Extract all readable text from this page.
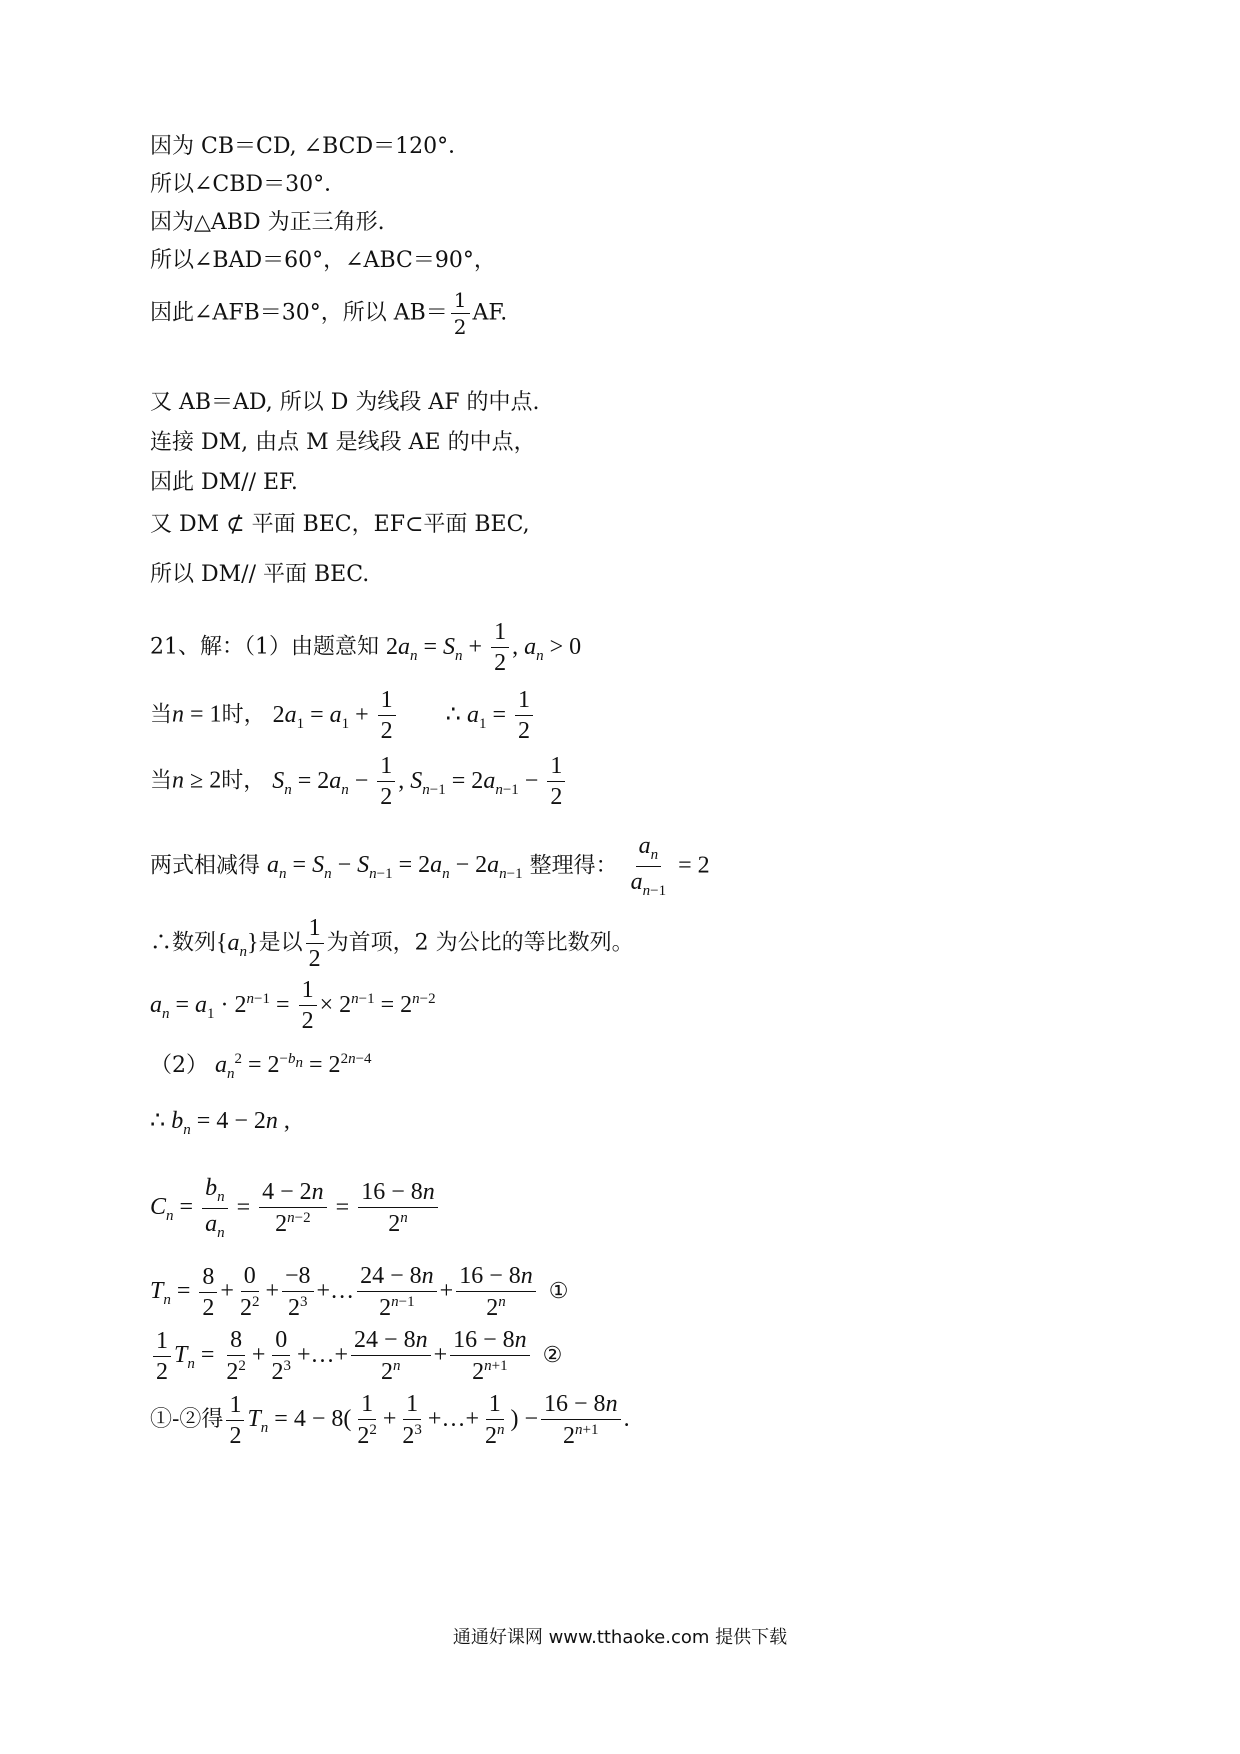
因为 CB＝CD, ∠BCD＝120°．
所以∠CBD＝30°．
因为△ABD 为正三角形.
所以∠BAD＝60°，∠ABC＝90°，
因此∠AFB＝30°，所以 $AB= \frac{1}{2}$ AF.
又 AB＝AD, 所以 D 为线段 AF 的中点.
连接 DM, 由点 M 是线段 AE 的中点，
因此 DM// EF.
又 DM ⊄ 平面 BEC，EF⊂平面 BEC,
所以 DM// 平面 BEC.
21、解：（1）由题意知 $2a_n = S_n + \frac{1}{2}$ , $a_n > 0$
当n = 1时， $2a_1 = a_1 + \frac{1}{2}$ ∴ $a_1 = \frac{1}{2}$
当n ≥ 2时， $S_n = 2a_n - \frac{1}{2}$ , $S_{n-1} = 2a_{n-1} - \frac{1}{2}$
两式相减得 $a_n = S_n - S_{n-1} = 2a_n - 2a_{n-1}$ 整理得： $\frac{a_n}{a_{n-1}} = 2$
∴数列$\{a_n\}$是以 $\frac{1}{2}$ 为首项，2 为公比的等比数列。
$a_n = a_1 \cdot 2^{n-1} = \frac{1}{2} \times 2^{n-1} = 2^{n-2}$
（2） $a_n^2 = 2^{-b_n} = 2^{2n-4}$
∴ $b_n = 4 - 2n$ ,
$C_n = \frac{b_n}{a_n} = \frac{4 - 2n}{2^{n-2}} = \frac{16 - 8n}{2^n}$
$T_n = \frac{8}{2} + \frac{0}{2^2} + \frac{-8}{2^3}$ +… $\frac{24 - 8n}{2^{n-1}} + \frac{16 - 8n}{2^n}$ ①
$\frac{1}{2} T_n = \frac{8}{2^2} + \frac{0}{2^3}$ +…+ $\frac{24 - 8n}{2^n} + \frac{16 - 8n}{2^{n+1}}$ ②
①-②得 $\frac{1}{2} T_n = 4 - 8( \frac{1}{2^2} + \frac{1}{2^3}$ +…+ $\frac{1}{2^n}$ ) − $\frac{16 - 8n}{2^{n+1}}$ .
通通好课网 www.tthaoke.com 提供下载
